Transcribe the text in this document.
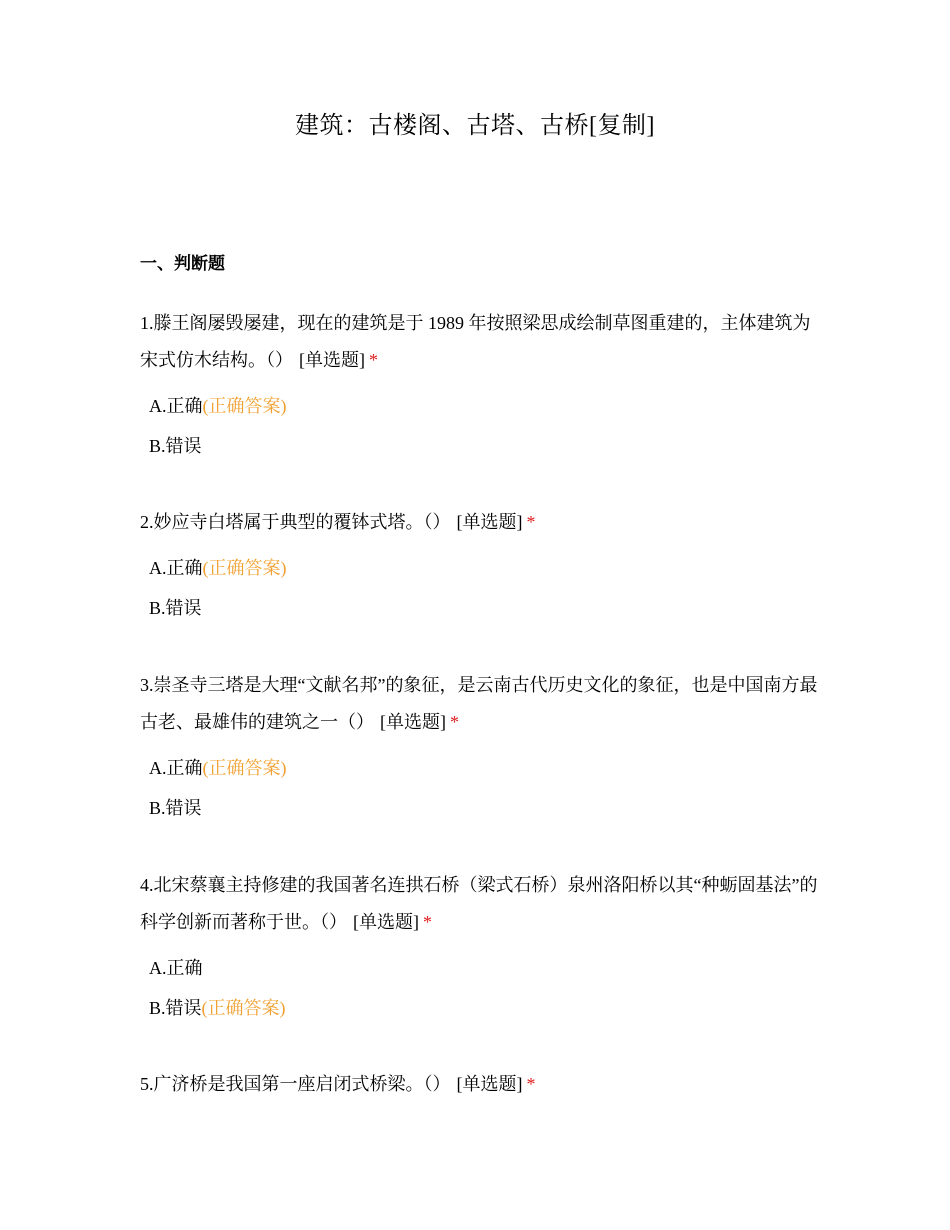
建筑：古楼阁、古塔、古桥[复制]
一、判断题

1.滕王阁屡毁屡建，现在的建筑是于 1989 年按照梁思成绘制草图重建的，主体建筑为宋式仿木结构。（） [单选题] *

A.正确(正确答案)
B.错误

2.妙应寺白塔属于典型的覆钵式塔。（） [单选题] *

A.正确(正确答案)
B.错误

3.崇圣寺三塔是大理“文献名邦”的象征，是云南古代历史文化的象征，也是中国南方最古老、最雄伟的建筑之一（） [单选题] *

A.正确(正确答案)
B.错误

4.北宋蔡襄主持修建的我国著名连拱石桥（梁式石桥）泉州洛阳桥以其“种蛎固基法”的科学创新而著称于世。（） [单选题] *

A.正确
B.错误(正确答案)

5.广济桥是我国第一座启闭式桥梁。（） [单选题] *
